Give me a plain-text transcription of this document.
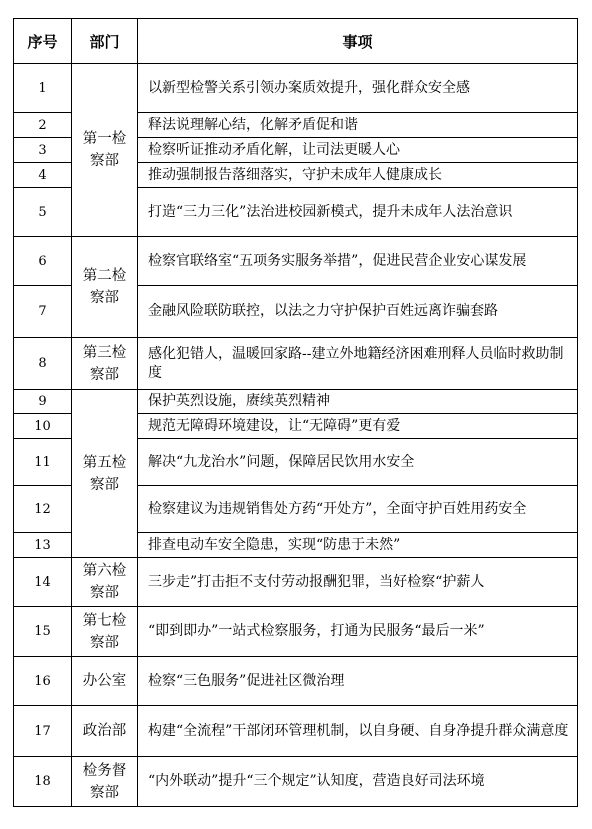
序号	部门	事项
1	第一检察部	以新型检警关系引领办案质效提升，强化群众安全感
2		释法说理解心结，化解矛盾促和谐
3		检察听证推动矛盾化解，让司法更暖人心
4		推动强制报告落细落实，守护未成年人健康成长
5		打造“三力三化”法治进校园新模式，提升未成年人法治意识
6	第二检察部	检察官联络室“五项务实服务举措”，促进民营企业安心谋发展
7		金融风险联防联控，以法之力守护保护百姓远离诈骗套路
8	第三检察部	感化犯错人，温暖回家路--建立外地籍经济困难刑释人员临时救助制度
9	第五检察部	保护英烈设施，赓续英烈精神
10		规范无障碍环境建设，让“无障碍”更有爱
11		解决“九龙治水”问题，保障居民饮用水安全
12		检察建议为违规销售处方药“开处方”，全面守护百姓用药安全
13		排查电动车安全隐患，实现“防患于未然”
14	第六检察部	三步走”打击拒不支付劳动报酬犯罪，当好检察“护薪人
15	第七检察部	“即到即办”一站式检察服务，打通为民服务“最后一米”
16	办公室	检察“三色服务”促进社区微治理
17	政治部	构建“全流程”干部闭环管理机制，以自身硬、自身净提升群众满意度
18	检务督察部	“内外联动”提升“三个规定”认知度，营造良好司法环境
